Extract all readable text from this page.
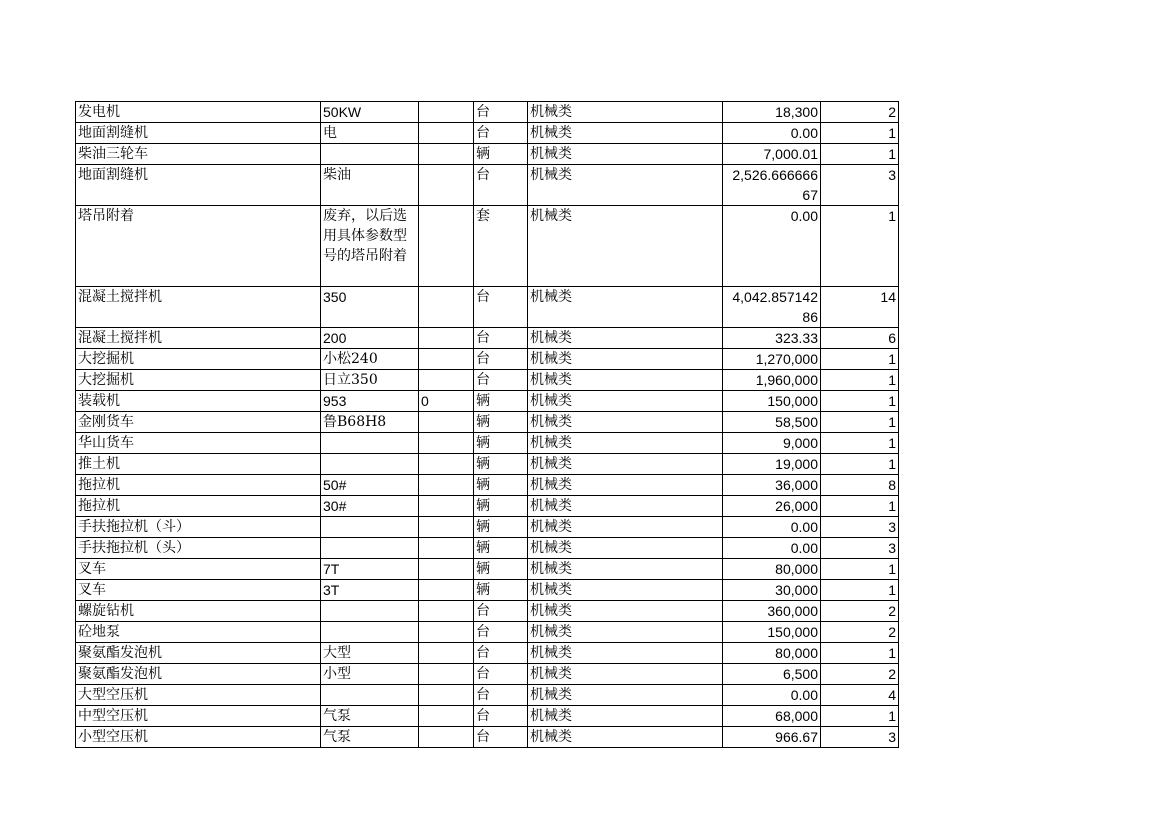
发电机	50KW		台	机械类	18,300	2
地面割缝机	电		台	机械类	0.00	1
柴油三轮车			辆	机械类	7,000.01	1
地面割缝机	柴油		台	机械类	2,526.66666667	3
塔吊附着	废弃，以后选用具体参数型号的塔吊附着		套	机械类	0.00	1
混凝土搅拌机	350		台	机械类	4,042.85714286	14
混凝土搅拌机	200		台	机械类	323.33	6
大挖掘机	小松240		台	机械类	1,270,000	1
大挖掘机	日立350		台	机械类	1,960,000	1
装载机	953	0	辆	机械类	150,000	1
金刚货车	鲁B68H8		辆	机械类	58,500	1
华山货车			辆	机械类	9,000	1
推土机			辆	机械类	19,000	1
拖拉机	50#		辆	机械类	36,000	8
拖拉机	30#		辆	机械类	26,000	1
手扶拖拉机（斗）			辆	机械类	0.00	3
手扶拖拉机（头）			辆	机械类	0.00	3
叉车	7T		辆	机械类	80,000	1
叉车	3T		辆	机械类	30,000	1
螺旋钻机			台	机械类	360,000	2
砼地泵			台	机械类	150,000	2
聚氨酯发泡机	大型		台	机械类	80,000	1
聚氨酯发泡机	小型		台	机械类	6,500	2
大型空压机			台	机械类	0.00	4
中型空压机	气泵		台	机械类	68,000	1
小型空压机	气泵		台	机械类	966.67	3
